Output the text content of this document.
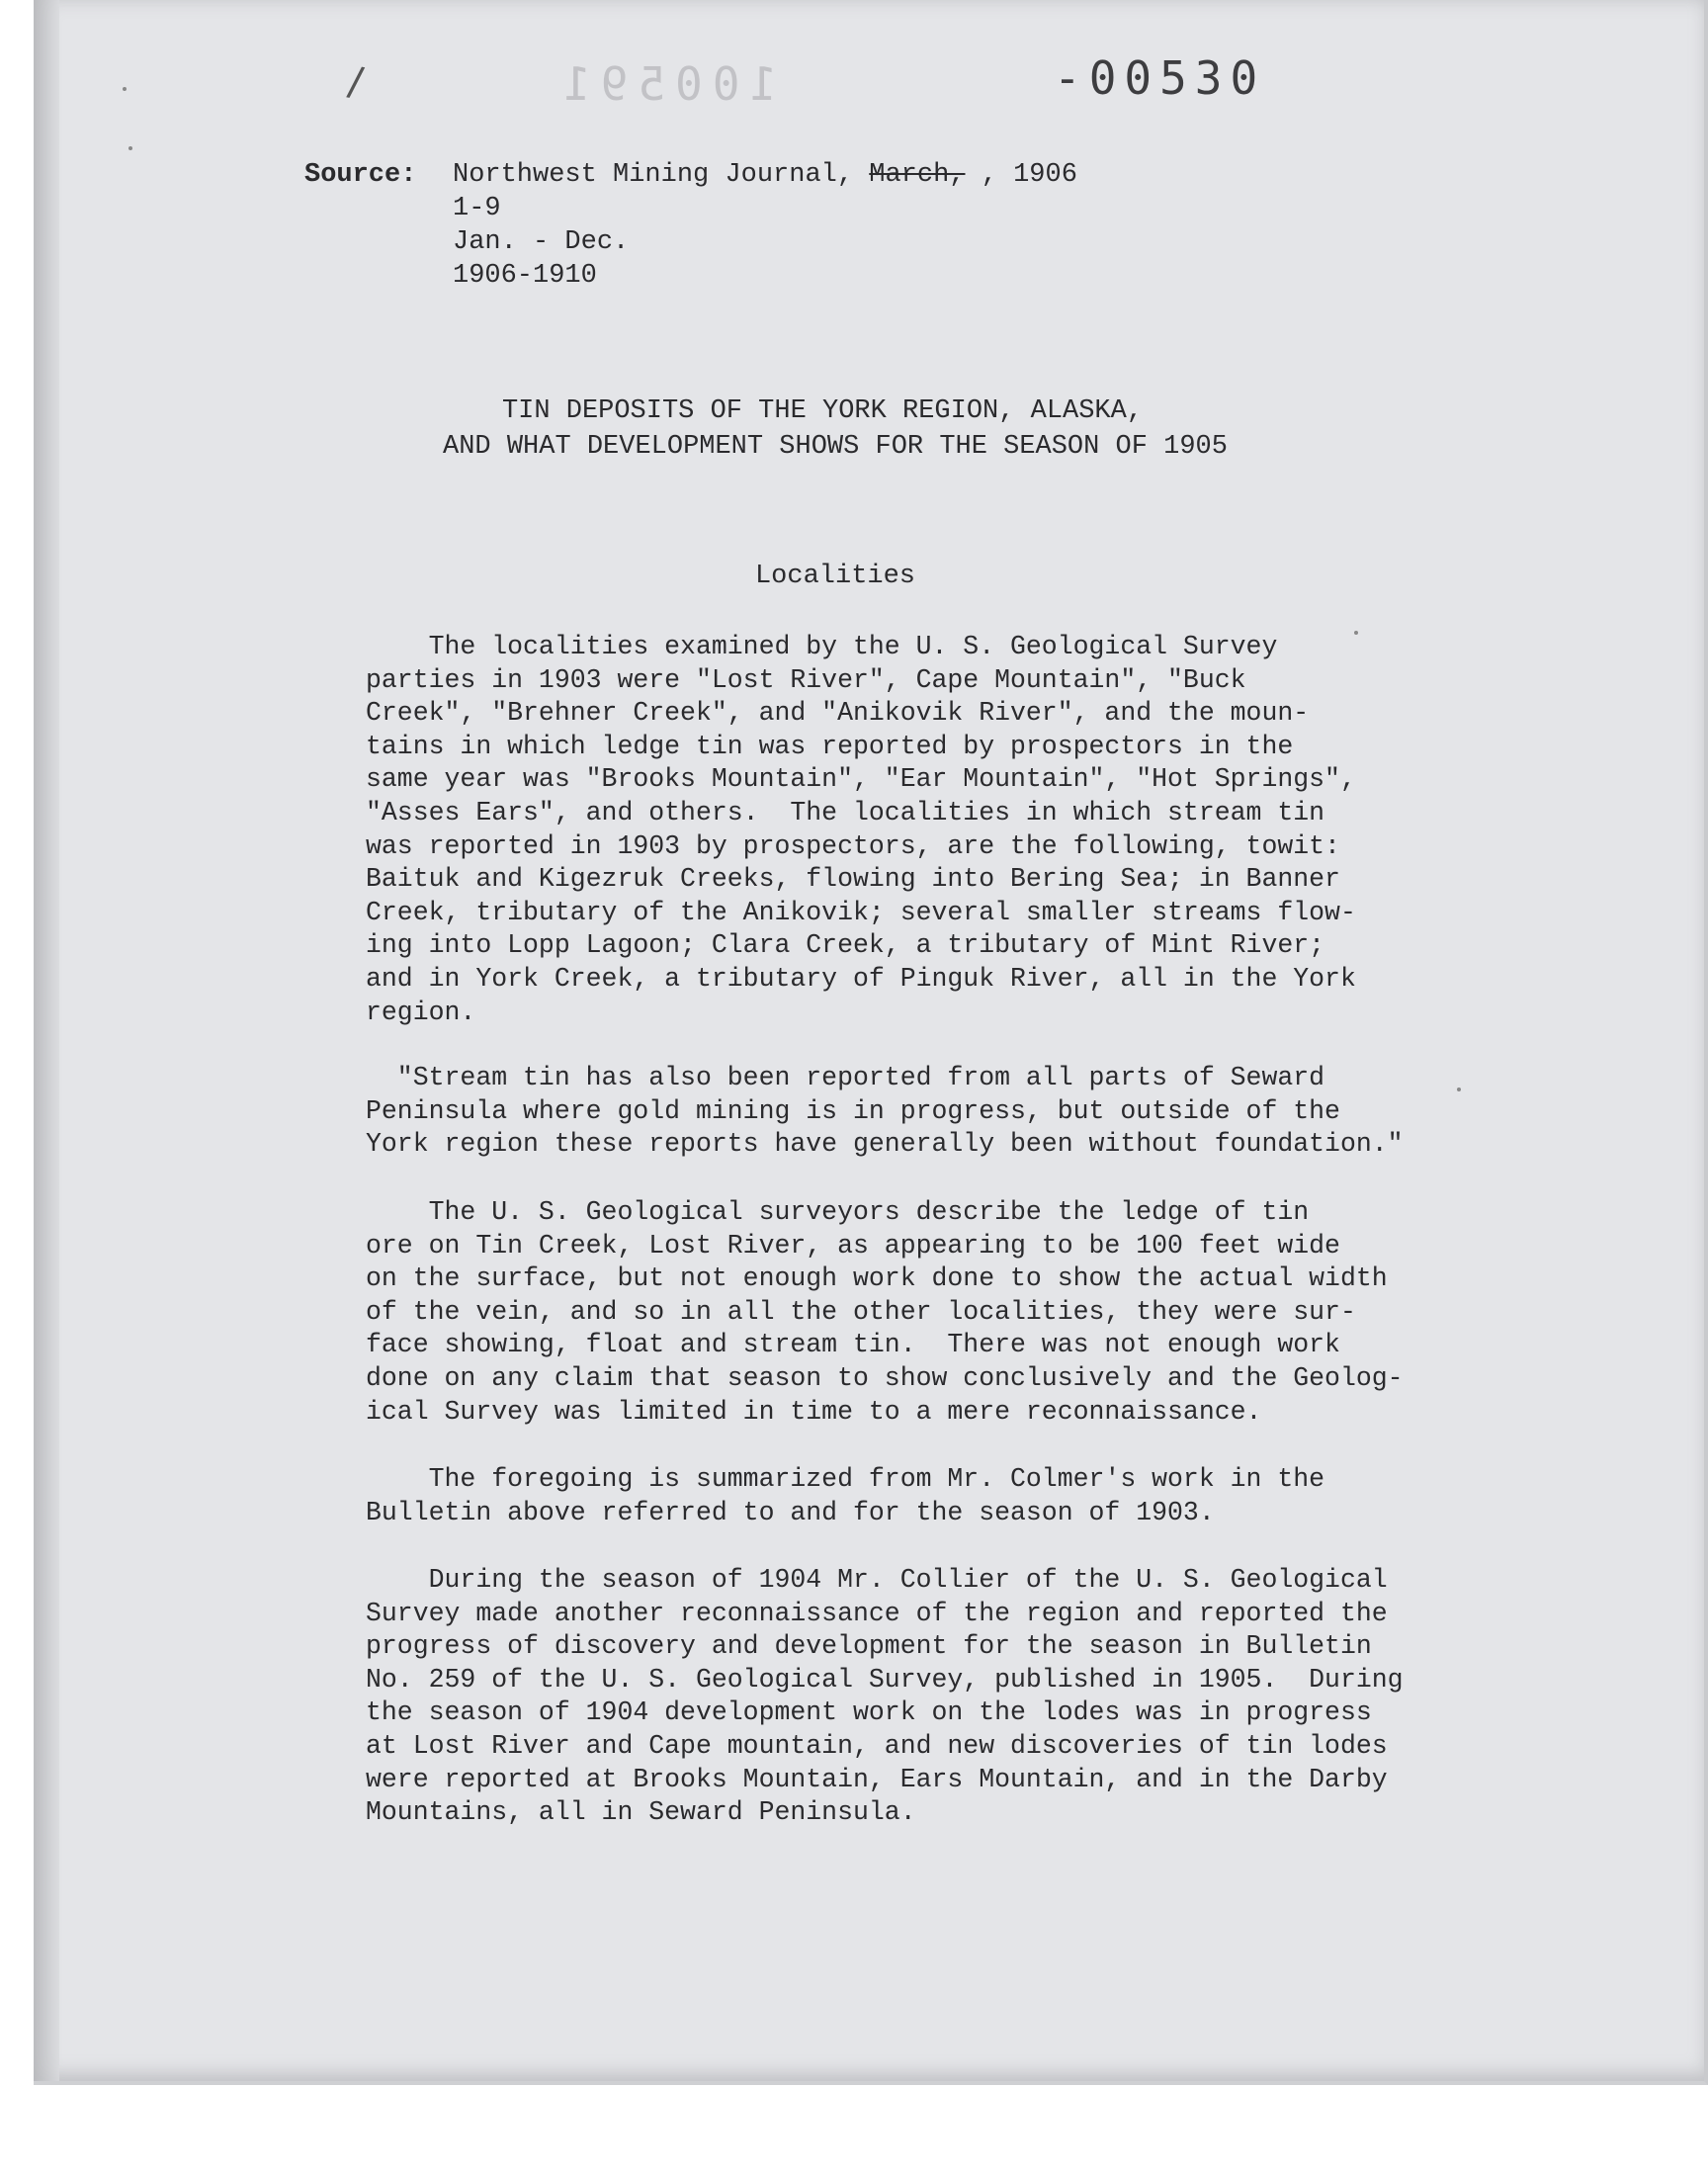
/	100591	-00530
Source:	Northwest Mining Journal, March, , 1906
1-9
Jan. - Dec.
1906-1910
TIN DEPOSITS OF THE YORK REGION, ALASKA,
AND WHAT DEVELOPMENT SHOWS FOR THE SEASON OF 1905
Localities
The localities examined by the U. S. Geological Survey
parties in 1903 were "Lost River", Cape Mountain", "Buck
Creek", "Brehner Creek", and "Anikovik River", and the moun-
tains in which ledge tin was reported by prospectors in the
same year was "Brooks Mountain", "Ear Mountain", "Hot Springs",
"Asses Ears", and others.  The localities in which stream tin
was reported in 1903 by prospectors, are the following, towit:
Baituk and Kigezruk Creeks, flowing into Bering Sea; in Banner
Creek, tributary of the Anikovik; several smaller streams flow-
ing into Lopp Lagoon; Clara Creek, a tributary of Mint River;
and in York Creek, a tributary of Pinguk River, all in the York
region.
"Stream tin has also been reported from all parts of Seward
Peninsula where gold mining is in progress, but outside of the
York region these reports have generally been without foundation."
The U. S. Geological surveyors describe the ledge of tin
ore on Tin Creek, Lost River, as appearing to be 100 feet wide
on the surface, but not enough work done to show the actual width
of the vein, and so in all the other localities, they were sur-
face showing, float and stream tin.  There was not enough work
done on any claim that season to show conclusively and the Geolog-
ical Survey was limited in time to a mere reconnaissance.
The foregoing is summarized from Mr. Colmer's work in the
Bulletin above referred to and for the season of 1903.
During the season of 1904 Mr. Collier of the U. S. Geological
Survey made another reconnaissance of the region and reported the
progress of discovery and development for the season in Bulletin
No. 259 of the U. S. Geological Survey, published in 1905.  During
the season of 1904 development work on the lodes was in progress
at Lost River and Cape mountain, and new discoveries of tin lodes
were reported at Brooks Mountain, Ears Mountain, and in the Darby
Mountains, all in Seward Peninsula.
